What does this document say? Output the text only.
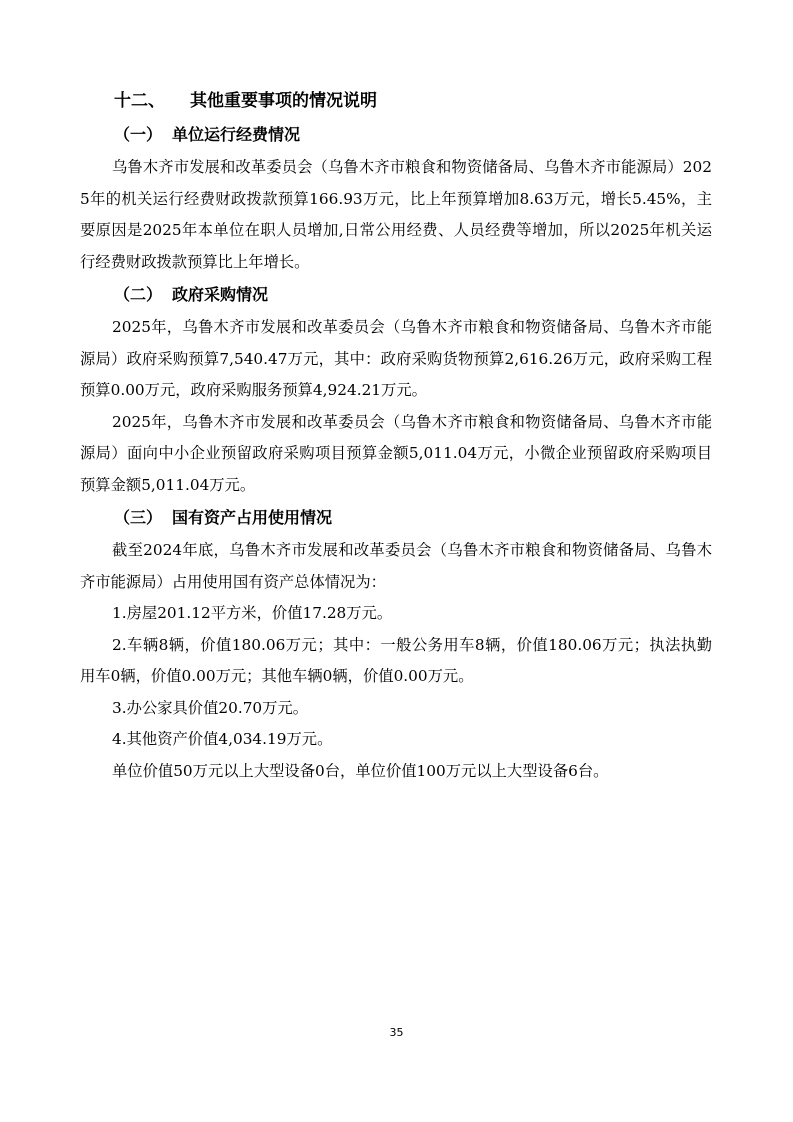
十二、 其他重要事项的情况说明
（一） 单位运行经费情况

乌鲁木齐市发展和改革委员会（乌鲁木齐市粮食和物资储备局、乌鲁木齐市能源局）2025年的机关运行经费财政拨款预算166.93万元，比上年预算增加8.63万元，增长5.45%，主要原因是2025年本单位在职人员增加,日常公用经费、人员经费等增加，所以2025年机关运行经费财政拨款预算比上年增长。

（二） 政府采购情况

2025年，乌鲁木齐市发展和改革委员会（乌鲁木齐市粮食和物资储备局、乌鲁木齐市能源局）政府采购预算7,540.47万元，其中：政府采购货物预算2,616.26万元，政府采购工程预算0.00万元，政府采购服务预算4,924.21万元。

2025年，乌鲁木齐市发展和改革委员会（乌鲁木齐市粮食和物资储备局、乌鲁木齐市能源局）面向中小企业预留政府采购项目预算金额5,011.04万元，小微企业预留政府采购项目预算金额5,011.04万元。

（三） 国有资产占用使用情况

截至2024年底，乌鲁木齐市发展和改革委员会（乌鲁木齐市粮食和物资储备局、乌鲁木齐市能源局）占用使用国有资产总体情况为：

1.房屋201.12平方米，价值17.28万元。

2.车辆8辆，价值180.06万元；其中：一般公务用车8辆，价值180.06万元；执法执勤用车0辆，价值0.00万元；其他车辆0辆，价值0.00万元。

3.办公家具价值20.70万元。

4.其他资产价值4,034.19万元。

单位价值50万元以上大型设备0台，单位价值100万元以上大型设备6台。

35
